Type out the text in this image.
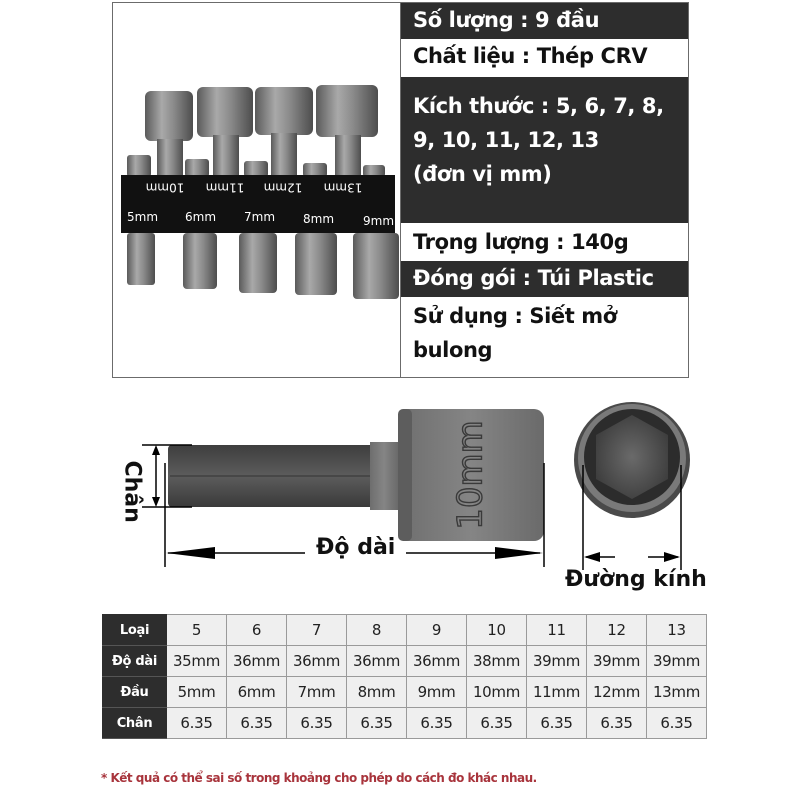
10mm 11mm 12mm 13mm
5mm 6mm 7mm 8mm 9mm
Số lượng : 9 đầu
Chất liệu : Thép CRV
Kích thước : 5, 6, 7, 8,
9, 10, 11, 12, 13
(đơn vị mm)
Trọng lượng : 140g
Đóng gói : Túi Plastic
Sử dụng : Siết mở
bulong
10mm
Chân
Độ dài
Đường kính
Loại	5	6	7	8	9	10	11	12	13
Độ dài	35mm	36mm	36mm	36mm	36mm	38mm	39mm	39mm	39mm
Đầu	5mm	6mm	7mm	8mm	9mm	10mm	11mm	12mm	13mm
Chân	6.35	6.35	6.35	6.35	6.35	6.35	6.35	6.35	6.35
* Kết quả có thể sai số trong khoảng cho phép do cách đo khác nhau.
